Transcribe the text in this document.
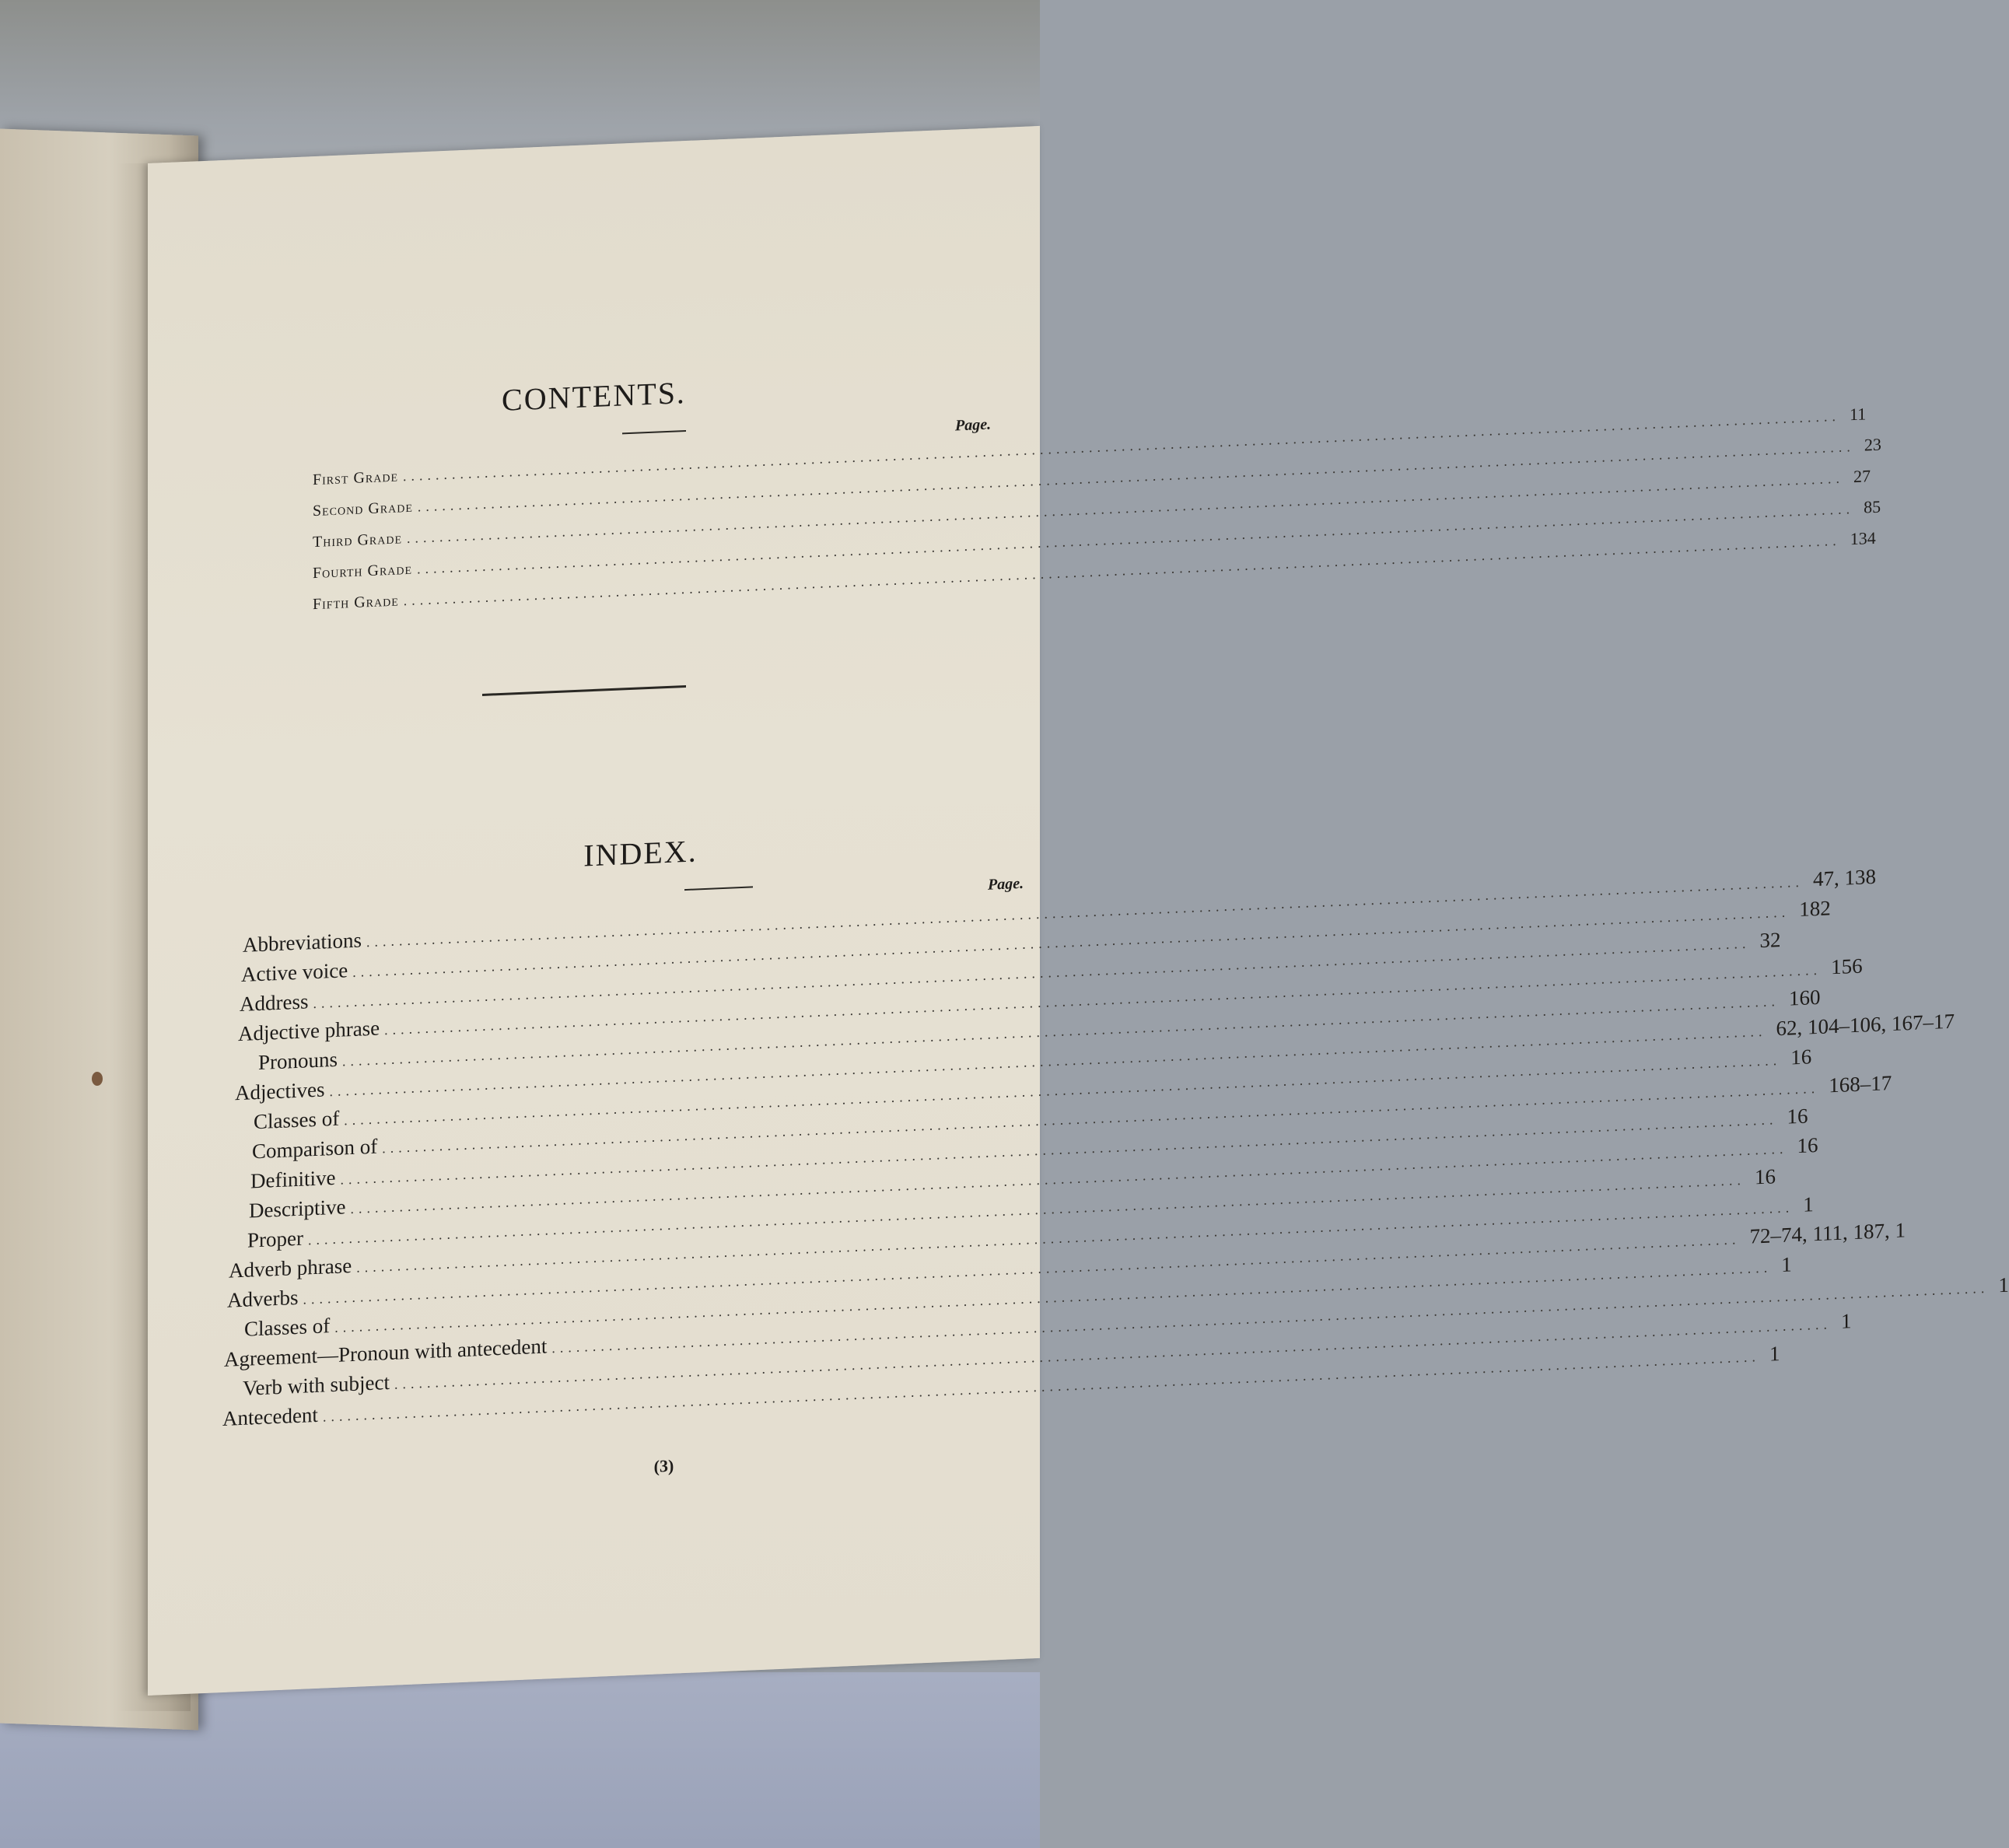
CONTENTS.
Page.
First Grade
.....
11
Second Grade
.....
23
Third Grade
.....
27
Fourth Grade
.....
85
Fifth Grade
.....
134
INDEX.
Page.
Abbreviations
.....
47, 138
Active voice
.....
182
Address
.....
32
Adjective phrase
.....
156
Pronouns
.....
160
Adjectives
.....
62, 104–106, 167–17
Classes of
.....
16
Comparison of
.....
168–17
Definitive
.....
16
Descriptive
.....
16
Proper
.....
16
Adverb phrase
.....
1
Adverbs
.....
72–74, 111, 187, 1
Classes of
.....
1
Agreement—Pronoun with antecedent
.....
1
Verb with subject
.....
1
Antecedent
.....
1
(3)
